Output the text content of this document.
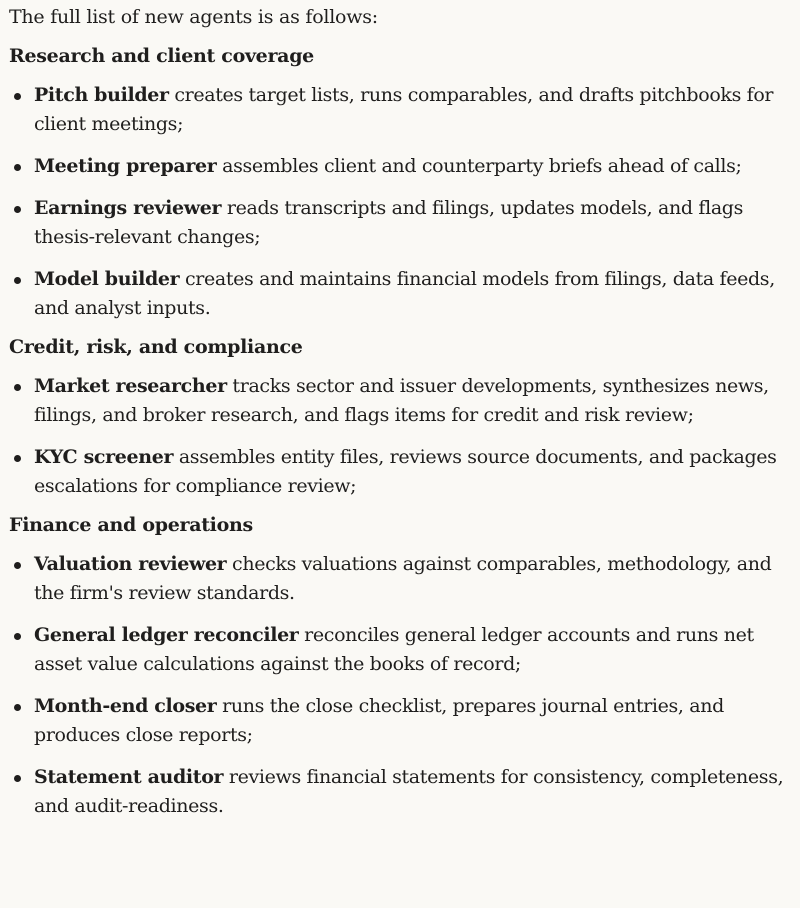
The full list of new agents is as follows:

Research and client coverage
Pitch builder creates target lists, runs comparables, and drafts pitchbooks for client meetings;
Meeting preparer assembles client and counterparty briefs ahead of calls;
Earnings reviewer reads transcripts and filings, updates models, and flags thesis-relevant changes;
Model builder creates and maintains financial models from filings, data feeds, and analyst inputs.
Credit, risk, and compliance
Market researcher tracks sector and issuer developments, synthesizes news, filings, and broker research, and flags items for credit and risk review;
KYC screener assembles entity files, reviews source documents, and packages escalations for compliance review;
Finance and operations
Valuation reviewer checks valuations against comparables, methodology, and the firm's review standards.
General ledger reconciler reconciles general ledger accounts and runs net asset value calculations against the books of record;
Month-end closer runs the close checklist, prepares journal entries, and produces close reports;
Statement auditor reviews financial statements for consistency, completeness, and audit-readiness.
